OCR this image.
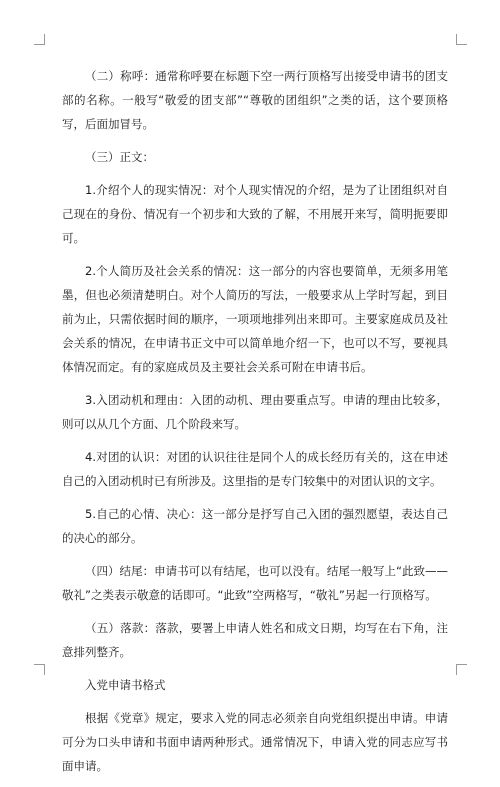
（二）称呼：通常称呼要在标题下空一两行顶格写出接受申请书的团支部的名称。一般写“敬爱的团支部”“尊敬的团组织”之类的话，这个要顶格写，后面加冒号。

（三）正文：

1.介绍个人的现实情况：对个人现实情况的介绍，是为了让团组织对自己现在的身份、情况有一个初步和大致的了解，不用展开来写，简明扼要即可。

2.个人简历及社会关系的情况：这一部分的内容也要简单，无须多用笔墨，但也必须清楚明白。对个人简历的写法，一般要求从上学时写起，到目前为止，只需依据时间的顺序，一项项地排列出来即可。主要家庭成员及社会关系的情况，在申请书正文中可以简单地介绍一下，也可以不写，要视具体情况而定。有的家庭成员及主要社会关系可附在申请书后。

3.入团动机和理由：入团的动机、理由要重点写。申请的理由比较多，则可以从几个方面、几个阶段来写。

4.对团的认识：对团的认识往往是同个人的成长经历有关的，这在申述自己的入团动机时已有所涉及。这里指的是专门较集中的对团认识的文字。

5.自己的心情、决心：这一部分是抒写自己入团的强烈愿望，表达自己的决心的部分。

（四）结尾：申请书可以有结尾，也可以没有。结尾一般写上“此致——敬礼”之类表示敬意的话即可。“此致”空两格写，“敬礼”另起一行顶格写。

（五）落款：落款，要署上申请人姓名和成文日期，均写在右下角，注意排列整齐。

入党申请书格式

根据《党章》规定，要求入党的同志必须亲自向党组织提出申请。申请可分为口头申请和书面申请两种形式。通常情况下，申请入党的同志应写书面申请。
